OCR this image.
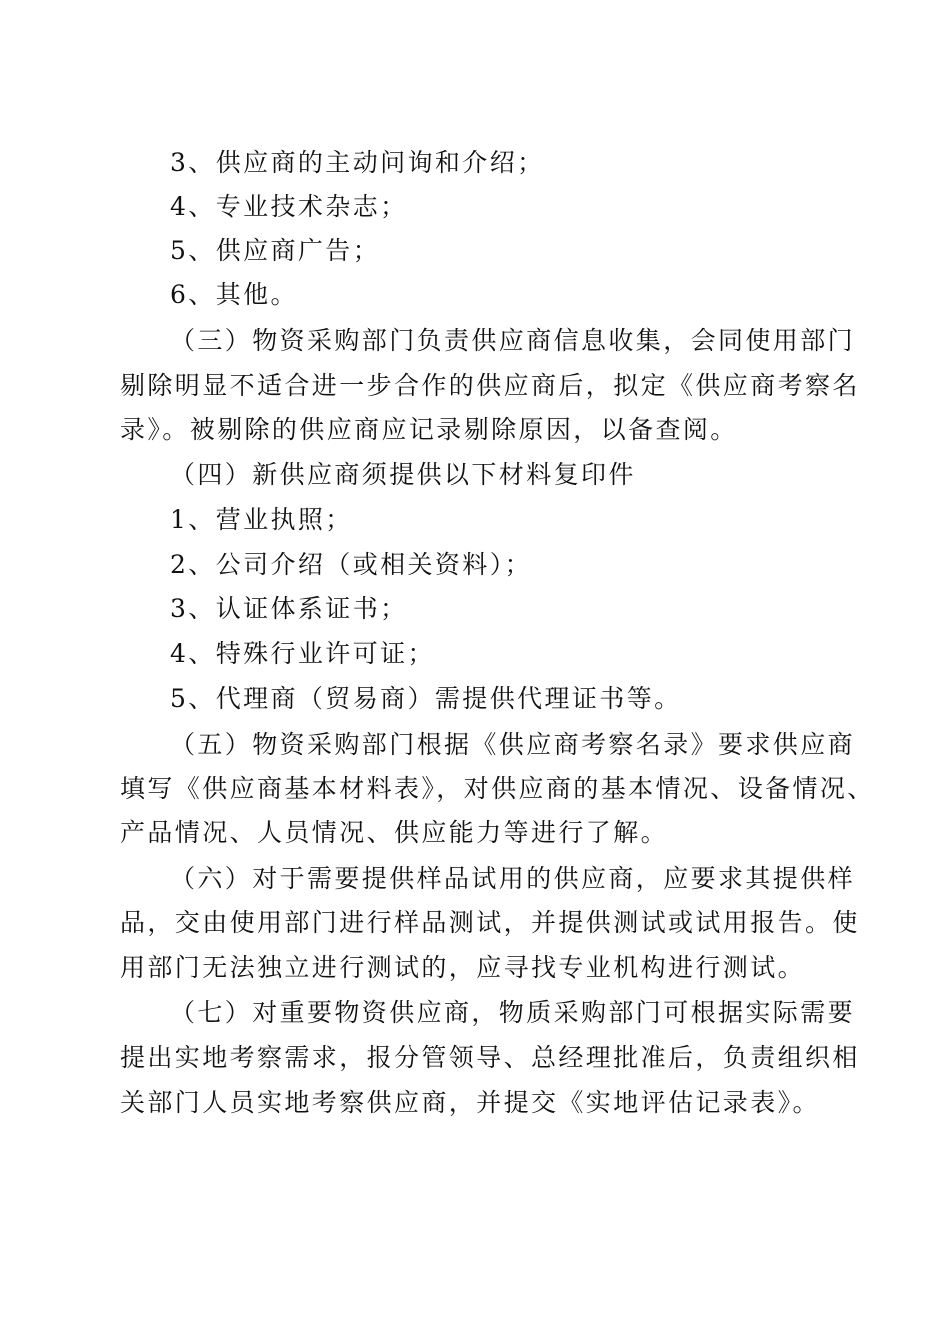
3、供应商的主动问询和介绍；
4、专业技术杂志；
5、供应商广告；
6、其他。
（三）物资采购部门负责供应商信息收集，会同使用部门
剔除明显不适合进一步合作的供应商后，拟定《供应商考察名
录》。被剔除的供应商应记录剔除原因，以备查阅。
（四）新供应商须提供以下材料复印件
1、营业执照；
2、公司介绍（或相关资料）；
3、认证体系证书；
4、特殊行业许可证；
5、代理商（贸易商）需提供代理证书等。
（五）物资采购部门根据《供应商考察名录》要求供应商
填写《供应商基本材料表》，对供应商的基本情况、设备情况、
产品情况、人员情况、供应能力等进行了解。
（六）对于需要提供样品试用的供应商，应要求其提供样
品，交由使用部门进行样品测试，并提供测试或试用报告。使
用部门无法独立进行测试的，应寻找专业机构进行测试。
（七）对重要物资供应商，物质采购部门可根据实际需要
提出实地考察需求，报分管领导、总经理批准后，负责组织相
关部门人员实地考察供应商，并提交《实地评估记录表》。
